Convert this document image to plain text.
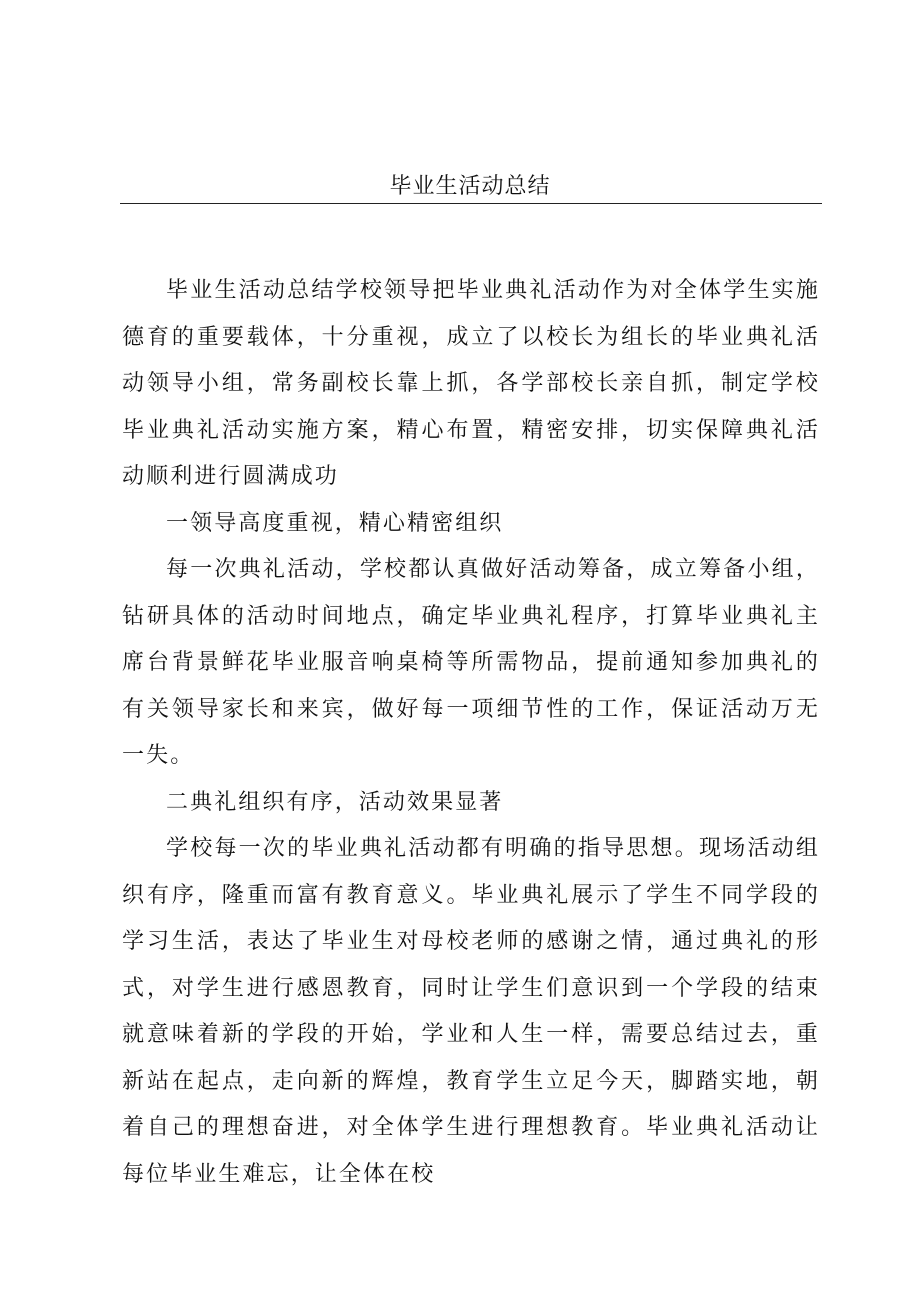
毕业生活动总结

毕业生活动总结学校领导把毕业典礼活动作为对全体学生实施德育的重要载体，十分重视，成立了以校长为组长的毕业典礼活动领导小组，常务副校长靠上抓，各学部校长亲自抓，制定学校毕业典礼活动实施方案，精心布置，精密安排，切实保障典礼活动顺利进行圆满成功

一领导高度重视，精心精密组织

每一次典礼活动，学校都认真做好活动筹备，成立筹备小组，钻研具体的活动时间地点，确定毕业典礼程序，打算毕业典礼主席台背景鲜花毕业服音响桌椅等所需物品，提前通知参加典礼的有关领导家长和来宾，做好每一项细节性的工作，保证活动万无一失。

二典礼组织有序，活动效果显著

学校每一次的毕业典礼活动都有明确的指导思想。现场活动组织有序，隆重而富有教育意义。毕业典礼展示了学生不同学段的学习生活，表达了毕业生对母校老师的感谢之情，通过典礼的形式，对学生进行感恩教育，同时让学生们意识到一个学段的结束就意味着新的学段的开始，学业和人生一样，需要总结过去，重新站在起点，走向新的辉煌，教育学生立足今天，脚踏实地，朝着自己的理想奋进，对全体学生进行理想教育。毕业典礼活动让每位毕业生难忘，让全体在校
